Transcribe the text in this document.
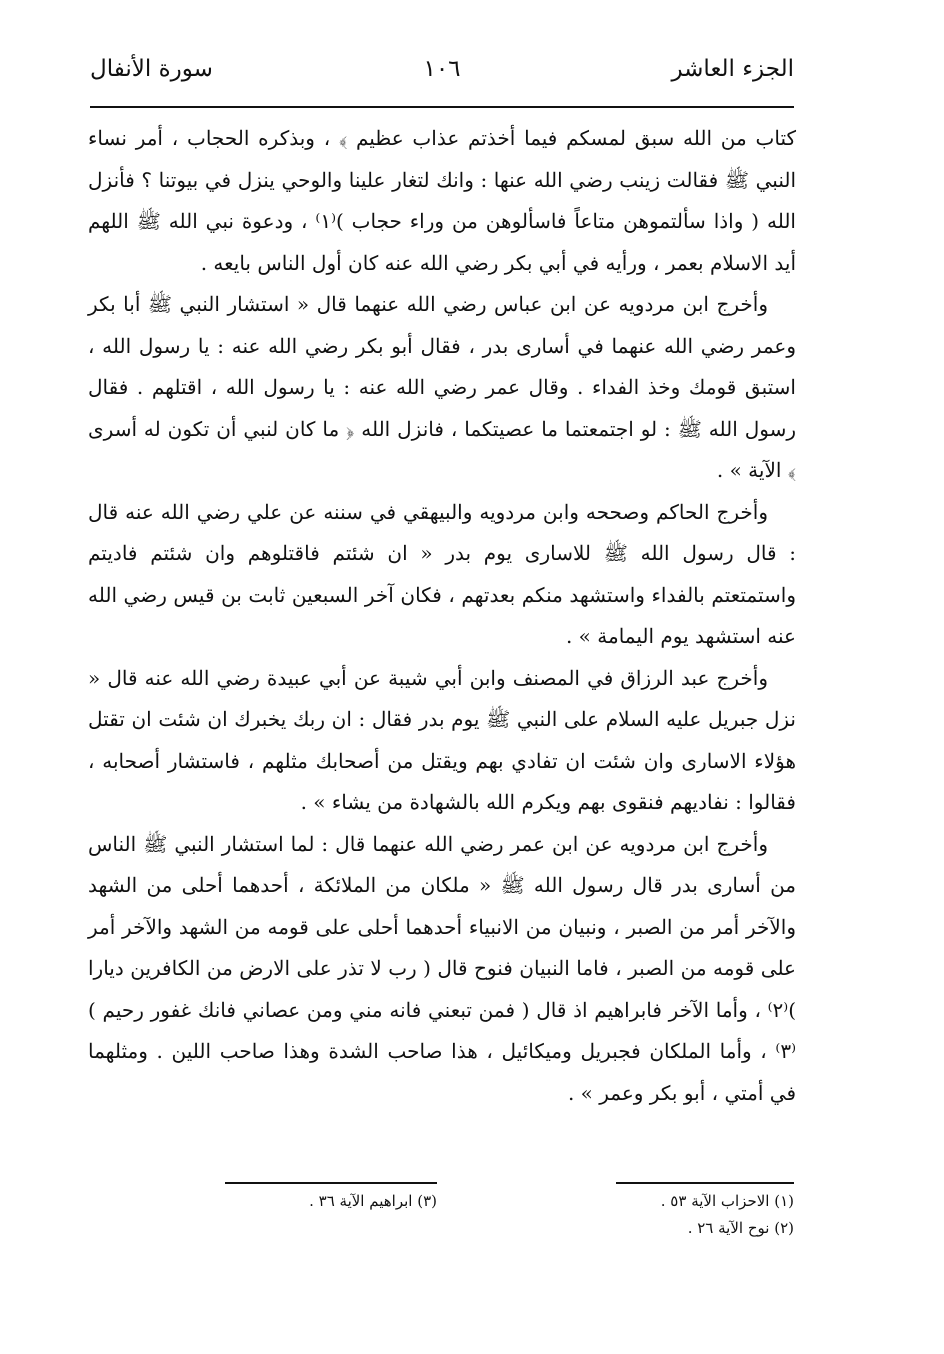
الجزء العاشر
١٠٦
سورة الأنفال

كتاب من الله سبق لمسكم فيما أخذتم عذاب عظيم ﴾ ، وبذكره الحجاب ، أمر نساء النبي ﷺ فقالت زينب رضي الله عنها : وانك لتغار علينا والوحي ينزل في بيوتنا ؟ فأنزل الله ( واذا سألتموهن متاعاً فاسألوهن من وراء حجاب )⁽١⁾ ، ودعوة نبي الله ﷺ اللهم أيد الاسلام بعمر ، ورأيه في أبي بكر رضي الله عنه كان أول الناس بايعه .

وأخرج ابن مردويه عن ابن عباس رضي الله عنهما قال « استشار النبي ﷺ أبا بكر وعمر رضي الله عنهما في أسارى بدر ، فقال أبو بكر رضي الله عنه : يا رسول الله ، استبق قومك وخذ الفداء . وقال عمر رضي الله عنه : يا رسول الله ، اقتلهم . فقال رسول الله ﷺ : لو اجتمعتما ما عصيتكما ، فانزل الله ﴿ ما كان لنبي أن تكون له أسرى ﴾ الآية » .

وأخرج الحاكم وصححه وابن مردويه والبيهقي في سننه عن علي رضي الله عنه قال : قال رسول الله ﷺ للاسارى يوم بدر « ان شئتم فاقتلوهم وان شئتم فاديتم واستمتعتم بالفداء واستشهد منكم بعدتهم ، فكان آخر السبعين ثابت بن قيس رضي الله عنه استشهد يوم اليمامة » .

وأخرج عبد الرزاق في المصنف وابن أبي شيبة عن أبي عبيدة رضي الله عنه قال « نزل جبريل عليه السلام على النبي ﷺ يوم بدر فقال : ان ربك يخبرك ان شئت ان تقتل هؤلاء الاسارى وان شئت ان تفادي بهم ويقتل من أصحابك مثلهم ، فاستشار أصحابه ، فقالوا : نفاديهم فنقوى بهم ويكرم الله بالشهادة من يشاء » .

وأخرج ابن مردويه عن ابن عمر رضي الله عنهما قال : لما استشار النبي ﷺ الناس من أسارى بدر قال رسول الله ﷺ « ملكان من الملائكة ، أحدهما أحلى من الشهد والآخر أمر من الصبر ، ونبيان من الانبياء أحدهما أحلى على قومه من الشهد والآخر أمر على قومه من الصبر ، فاما النبيان فنوح قال ( رب لا تذر على الارض من الكافرين ديارا )⁽٢⁾ ، وأما الآخر فابراهيم اذ قال ( فمن تبعني فانه مني ومن عصاني فانك غفور رحيم )⁽٣⁾ ، وأما الملكان فجبريل وميكائيل ، هذا صاحب الشدة وهذا صاحب اللين . ومثلهما في أمتي ، أبو بكر وعمر » .

(١) الاحزاب الآية ٥٣ .
(٢) نوح الآية ٢٦ .
(٣) ابراهيم الآية ٣٦ .
